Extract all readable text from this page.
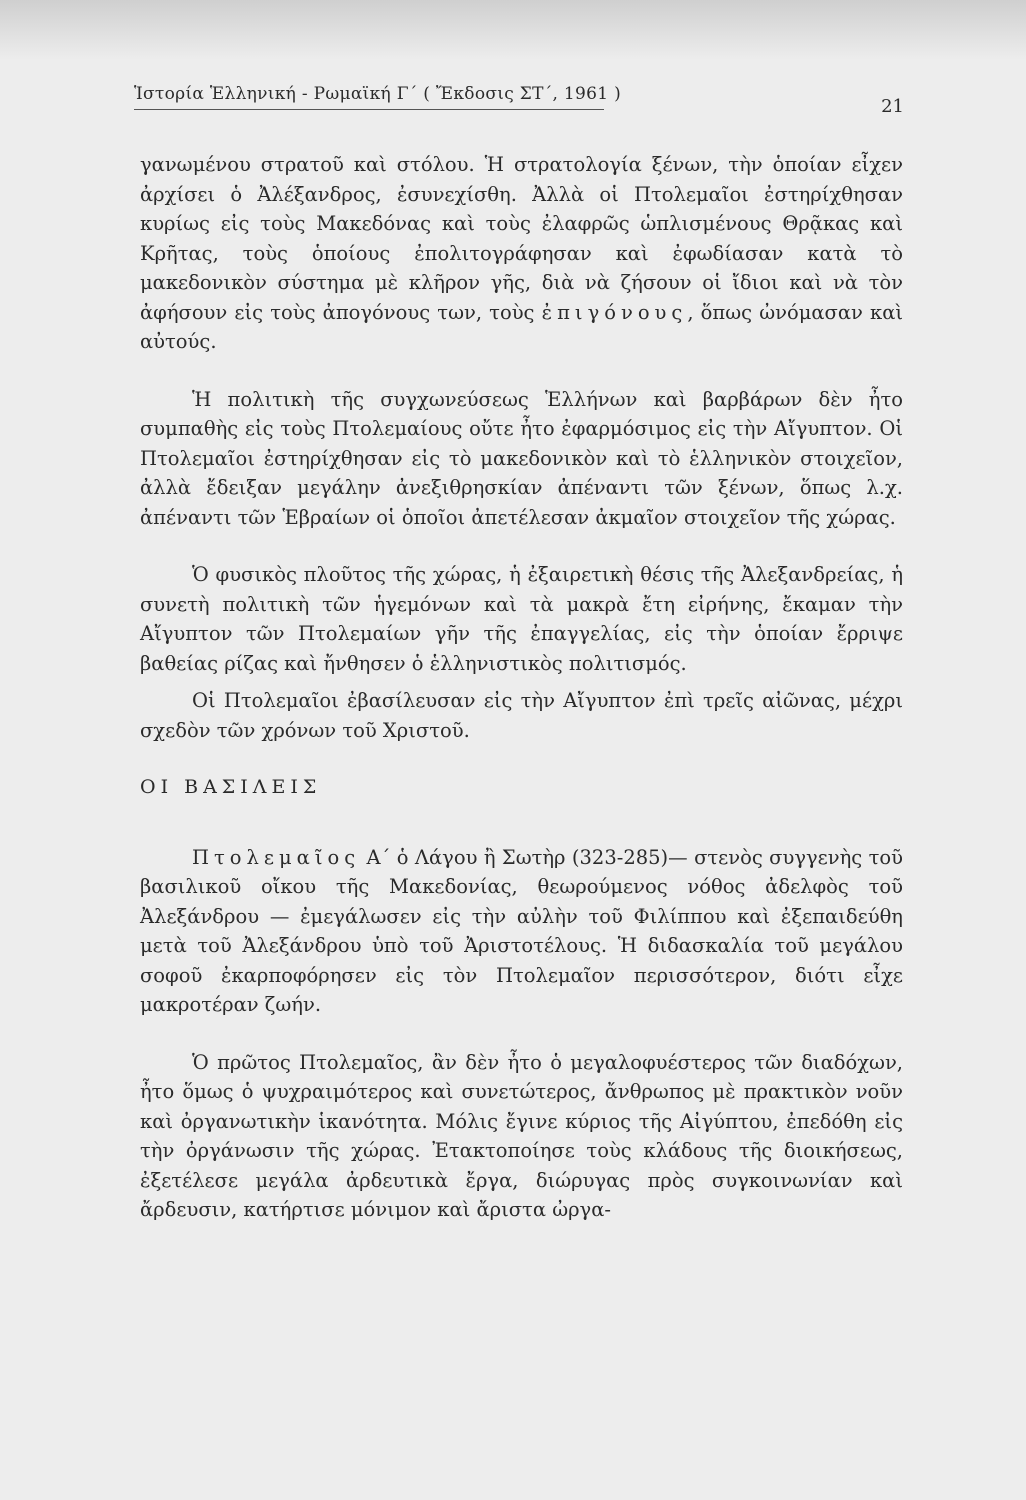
Ἱστορία Ἑλληνική - Ρωμαϊκή Γ΄ ( Ἔκδοσις ΣΤ΄, 1961 )
21

γανωμένου στρατοῦ καὶ στόλου. Ἡ στρατολογία ξένων, τὴν ὁποίαν εἶχεν ἀρχίσει ὁ Ἀλέξανδρος, ἐσυνεχίσθη. Ἀλλὰ οἱ Πτολεμαῖοι ἐστηρίχθησαν κυρίως εἰς τοὺς Μακεδόνας καὶ τοὺς ἐλαφρῶς ὡπλισμένους Θρᾷκας καὶ Κρῆτας, τοὺς ὁποίους ἐπολιτογράφησαν καὶ ἐφωδίασαν κατὰ τὸ μακεδονικὸν σύστημα μὲ κλῆρον γῆς, διὰ νὰ ζήσουν οἱ ἴδιοι καὶ νὰ τὸν ἀφήσουν εἰς τοὺς ἀπογόνους των, τοὺς ἐπιγόνους, ὅπως ὠνόμασαν καὶ αὐτούς.

Ἡ πολιτικὴ τῆς συγχωνεύσεως Ἑλλήνων καὶ βαρβάρων δὲν ἦτο συμπαθὴς εἰς τοὺς Πτολεμαίους οὔτε ἦτο ἐφαρμόσιμος εἰς τὴν Αἴγυπτον. Οἱ Πτολεμαῖοι ἐστηρίχθησαν εἰς τὸ μακεδονικὸν καὶ τὸ ἑλληνικὸν στοιχεῖον, ἀλλὰ ἔδειξαν μεγάλην ἀνεξιθρησκίαν ἀπέναντι τῶν ξένων, ὅπως λ.χ. ἀπέναντι τῶν Ἑβραίων οἱ ὁποῖοι ἀπετέλεσαν ἀκμαῖον στοιχεῖον τῆς χώρας.

Ὁ φυσικὸς πλοῦτος τῆς χώρας, ἡ ἐξαιρετικὴ θέσις τῆς Ἀλεξανδρείας, ἡ συνετὴ πολιτικὴ τῶν ἡγεμόνων καὶ τὰ μακρὰ ἔτη εἰρήνης, ἔκαμαν τὴν Αἴγυπτον τῶν Πτολεμαίων γῆν τῆς ἐπαγγελίας, εἰς τὴν ὁποίαν ἔρριψε βαθείας ρίζας καὶ ἤνθησεν ὁ ἑλληνιστικὸς πολιτισμός.

Οἱ Πτολεμαῖοι ἐβασίλευσαν εἰς τὴν Αἴγυπτον ἐπὶ τρεῖς αἰῶνας, μέχρι σχεδὸν τῶν χρόνων τοῦ Χριστοῦ.

ΟΙ ΒΑΣΙΛΕΙΣ

Πτολεμαῖος Α΄ ὁ Λάγου ἢ Σωτὴρ (323-285)— στενὸς συγγενὴς τοῦ βασιλικοῦ οἴκου τῆς Μακεδονίας, θεωρούμενος νόθος ἀδελφὸς τοῦ Ἀλεξάνδρου — ἐμεγάλωσεν εἰς τὴν αὐλὴν τοῦ Φιλίππου καὶ ἐξεπαιδεύθη μετὰ τοῦ Ἀλεξάνδρου ὑπὸ τοῦ Ἀριστοτέλους. Ἡ διδασκαλία τοῦ μεγάλου σοφοῦ ἐκαρποφόρησεν εἰς τὸν Πτολεμαῖον περισσότερον, διότι εἶχε μακροτέραν ζωήν.

Ὁ πρῶτος Πτολεμαῖος, ἂν δὲν ἦτο ὁ μεγαλοφυέστερος τῶν διαδόχων, ἦτο ὅμως ὁ ψυχραιμότερος καὶ συνετώτερος, ἄνθρωπος μὲ πρακτικὸν νοῦν καὶ ὀργανωτικὴν ἱκανότητα. Μόλις ἔγινε κύριος τῆς Αἰγύπτου, ἐπεδόθη εἰς τὴν ὀργάνωσιν τῆς χώρας. Ἐτακτοποίησε τοὺς κλάδους τῆς διοικήσεως, ἐξετέλεσε μεγάλα ἀρδευτικὰ ἔργα, διώρυγας πρὸς συγκοινωνίαν καὶ ἄρδευσιν, κατήρτισε μόνιμον καὶ ἄριστα ὠργα-
